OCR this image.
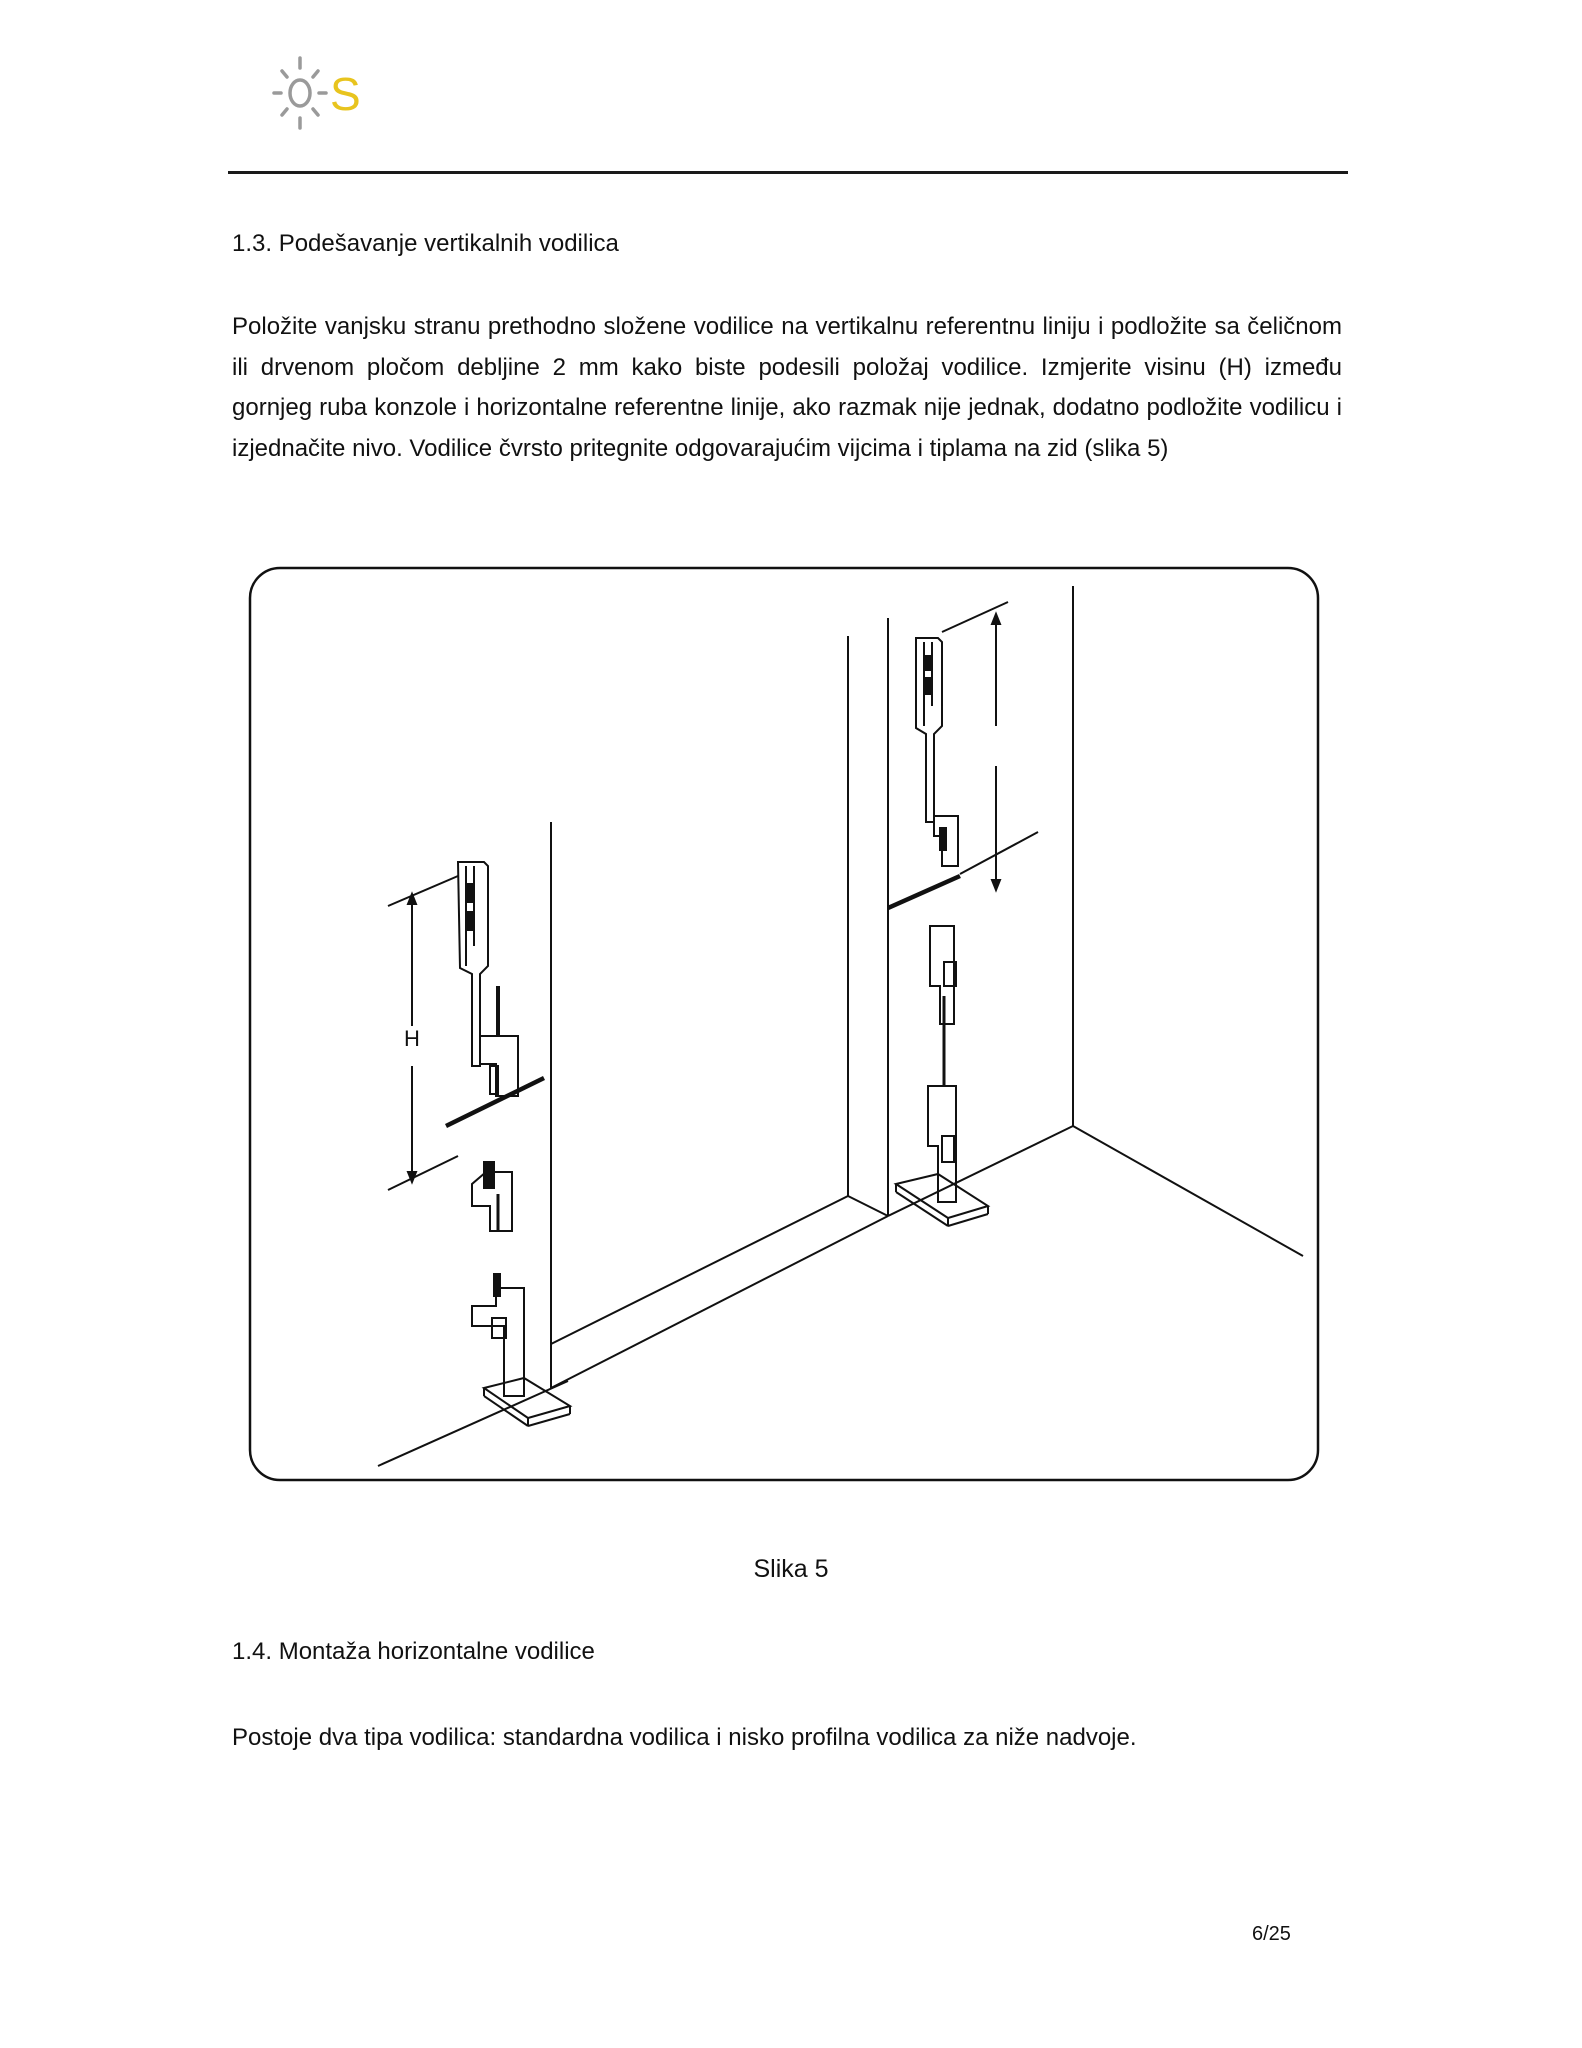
S
1.3. Podešavanje vertikalnih vodilica

Položite vanjsku stranu prethodno složene vodilice na vertikalnu referentnu liniju i podložite sa čeličnom ili drvenom pločom debljine 2 mm kako biste podesili položaj vodilice. Izmjerite visinu (H) između gornjeg ruba konzole i horizontalne referentne linije, ako razmak nije jednak, dodatno podložite vodilicu i izjednačite nivo. Vodilice čvrsto pritegnite odgovarajućim vijcima i tiplama na zid (slika 5)

H
Slika 5
1.4. Montaža horizontalne vodilice

Postoje dva tipa vodilica: standardna vodilica i nisko profilna vodilica za niže nadvoje.

6/25
